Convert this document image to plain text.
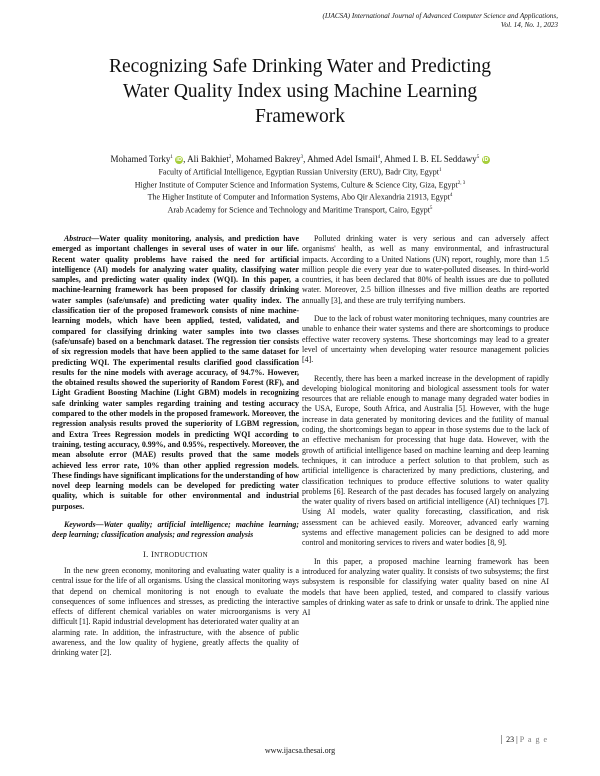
(IJACSA) International Journal of Advanced Computer Science and Applications,
Vol. 14, No. 1, 2023
Recognizing Safe Drinking Water and Predicting
Water Quality Index using Machine Learning
Framework
Mohamed Torky$^1$ iD, Ali Bakhiet$^2$, Mohamed Bakrey$^3$, Ahmed Adel Ismail$^4$, Ahmed I. B. EL Seddawy$^5$ iD
Faculty of Artificial Intelligence, Egyptian Russian University (ERU), Badr City, Egypt$^1$
Higher Institute of Computer Science and Information Systems, Culture & Science City, Giza, Egypt$^{2, 3}$
The Higher Institute of Computer and Information Systems, Abo Qir Alexandria 21913, Egypt$^4$
Arab Academy for Science and Technology and Maritime Transport, Cairo, Egypt$^5$

Abstract—Water quality monitoring, analysis, and prediction have emerged as important challenges in several uses of water in our life. Recent water quality problems have raised the need for artificial intelligence (AI) models for analyzing water quality, classifying water samples, and predicting water quality index (WQI). In this paper, a machine-learning framework has been proposed for classify drinking water samples (safe/unsafe) and predicting water quality index. The classification tier of the proposed framework consists of nine machine-learning models, which have been applied, tested, validated, and compared for classifying drinking water samples into two classes (safe/unsafe) based on a benchmark dataset. The regression tier consists of six regression models that have been applied to the same dataset for predicting WQI. The experimental results clarified good classification results for the nine models with average accuracy, of 94.7%. However, the obtained results showed the superiority of Random Forest (RF), and Light Gradient Boosting Machine (Light GBM) models in recognizing safe drinking water samples regarding training and testing accuracy compared to the other models in the proposed framework. Moreover, the regression analysis results proved the superiority of LGBM regression, and Extra Trees Regression models in predicting WQI according to training, testing accuracy, 0.99%, and 0.95%, respectively. Moreover, the mean absolute error (MAE) results proved that the same models achieved less error rate, 10% than other applied regression models. These findings have significant implications for the understanding of how novel deep learning models can be developed for predicting water quality, which is suitable for other environmental and industrial purposes.

Keywords—Water quality; artificial intelligence; machine learning; deep learning; classification analysis; and regression analysis

I. INTRODUCTION

In the new green economy, monitoring and evaluating water quality is a central issue for the life of all organisms. Using the classical monitoring ways that depend on chemical monitoring is not enough to evaluate the consequences of some influences and stresses, as predicting the interactive effects of different chemical variables on water microorganisms is very difficult [1]. Rapid industrial development has deteriorated water quality at an alarming rate. In addition, the infrastructure, with the absence of public awareness, and the low quality of hygiene, greatly affects the quality of drinking water [2].

Polluted drinking water is very serious and can adversely affect organisms' health, as well as many environmental, and infrastructural impacts. According to a United Nations (UN) report, roughly, more than 1.5 million people die every year due to water-polluted diseases. In third-world countries, it has been declared that 80% of health issues are due to polluted water. Moreover, 2.5 billion illnesses and five million deaths are reported annually [3], and these are truly terrifying numbers.

Due to the lack of robust water monitoring techniques, many countries are unable to enhance their water systems and there are shortcomings to produce effective water recovery systems. These shortcomings may lead to a greater level of uncertainty when developing water resource management policies [4].

Recently, there has been a marked increase in the development of rapidly developing biological monitoring and biological assessment tools for water resources that are reliable enough to manage many degraded water bodies in the USA, Europe, South Africa, and Australia [5]. However, with the huge increase in data generated by monitoring devices and the futility of manual coding, the shortcomings began to appear in those systems due to the lack of an effective mechanism for processing that huge data. However, with the growth of artificial intelligence based on machine learning and deep learning techniques, it can introduce a perfect solution to that problem, such as artificial intelligence is characterized by many predictions, clustering, and classification techniques to produce effective solutions to water quality problems [6]. Research of the past decades has focused largely on analyzing the water quality of rivers based on artificial intelligence (AI) techniques [7]. Using AI models, water quality forecasting, classification, and risk assessment can be achieved easily. Moreover, advanced early warning systems and effective management policies can be designed to add more control and monitoring services to rivers and water bodies [8, 9].

In this paper, a proposed machine learning framework has been introduced for analyzing water quality. It consists of two subsystems; the first subsystem is responsible for classifying water quality based on nine AI models that have been applied, tested, and compared to classify various samples of drinking water as safe to drink or unsafe to drink. The applied nine AI

23 | P a g e
www.ijacsa.thesai.org
